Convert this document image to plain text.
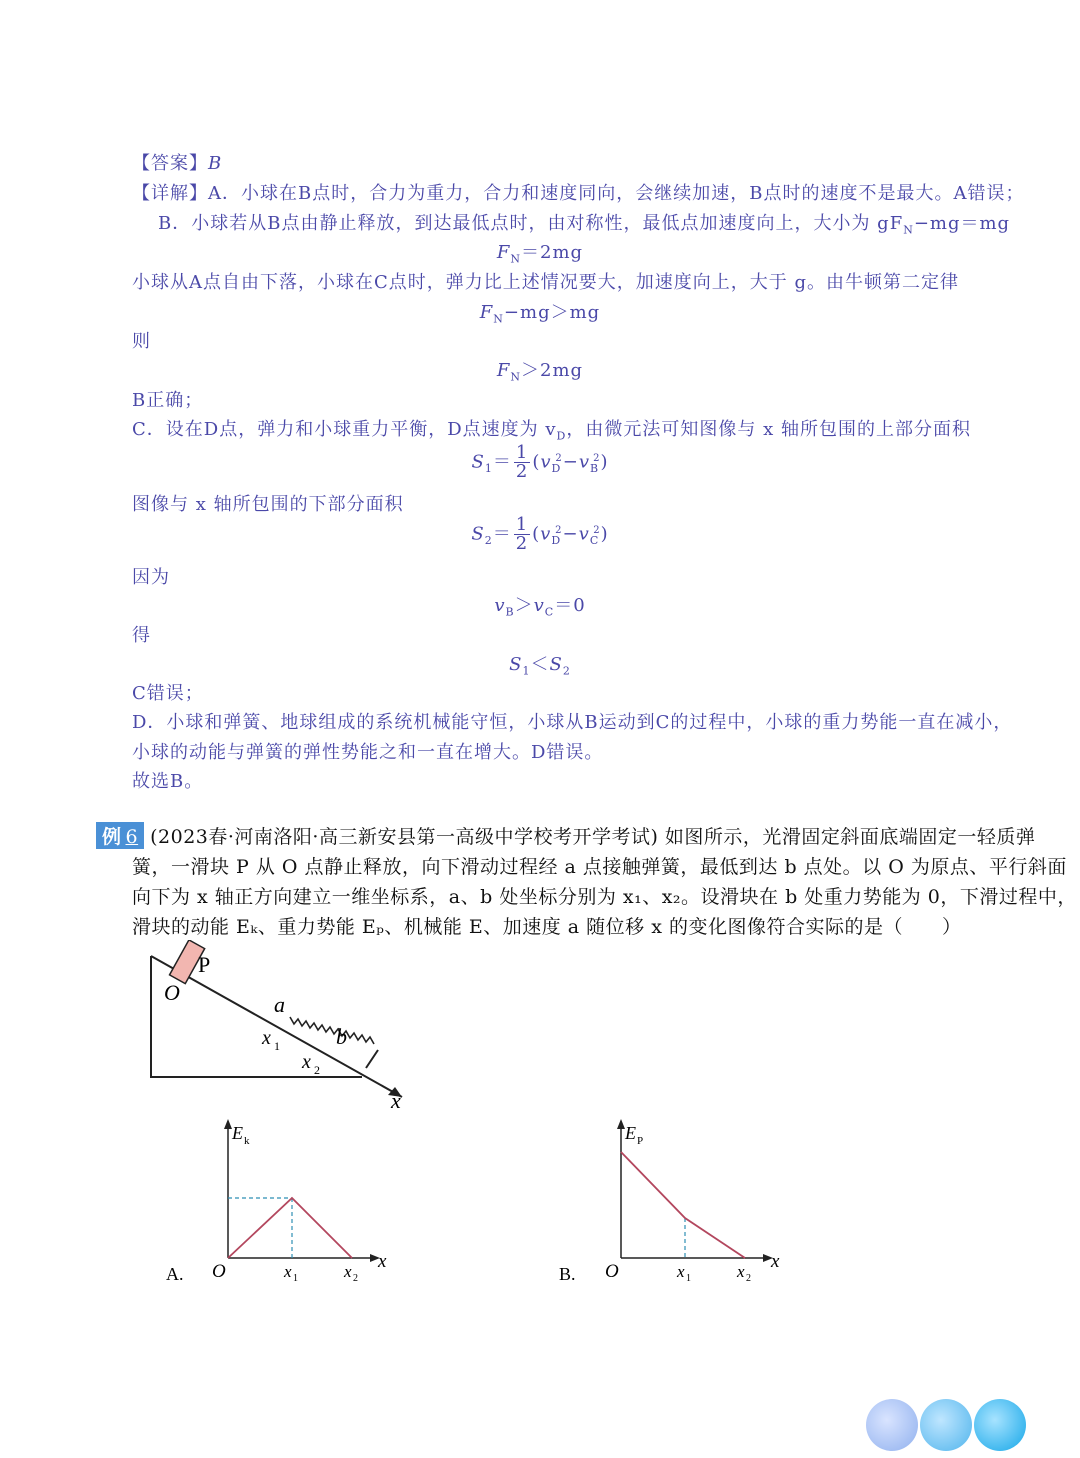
【答案】B
【详解】A．小球在B点时，合力为重力，合力和速度同向，会继续加速，B点时的速度不是最大。A错误；
B．小球若从B点由静止释放，到达最低点时，由对称性，最低点加速度向上，大小为 $gF_N-mg=mg$
$F_N=2mg$
小球从A点自由下落，小球在C点时，弹力比上述情况要大，加速度向上，大于 g。由牛顿第二定律
$F_N-mg>mg$
则
$F_N>2mg$
B正确；
C．设在D点，弹力和小球重力平衡，D点速度为 $v_D$，由微元法可知图像与 x 轴所包围的上部分面积
$S_1= \frac{1}{2} (v_D^2-v_B^2)$
图像与 x 轴所包围的下部分面积
$S_2= \frac{1}{2} (v_D^2-v_C^2)$
因为
$v_B>v_C=0$
得
$S_1<S_2$
C错误；
D．小球和弹簧、地球组成的系统机械能守恒，小球从B运动到C的过程中，小球的重力势能一直在减小，
小球的动能与弹簧的弹性势能之和一直在增大。D错误。
故选B。
例 6 (2023春·河南洛阳·高三新安县第一高级中学校考开学考试) 如图所示，光滑固定斜面底端固定一轻质弹
簧，一滑块 P 从 O 点静止释放，向下滑动过程经 a 点接触弹簧，最低到达 b 点处。以 O 为原点、平行斜面
向下为 x 轴正方向建立一维坐标系，a、b 处坐标分别为 x₁、x₂。设滑块在 b 处重力势能为 0，下滑过程中，
滑块的动能 Eₖ、重力势能 Eₚ、机械能 E、加速度 a 随位移 x 的变化图像符合实际的是（　　）
P
O	a
b
x 1
x 2
x
E k
O	x 1	x 2
x
A.
E P
O	x 1	x 2
x
B.
